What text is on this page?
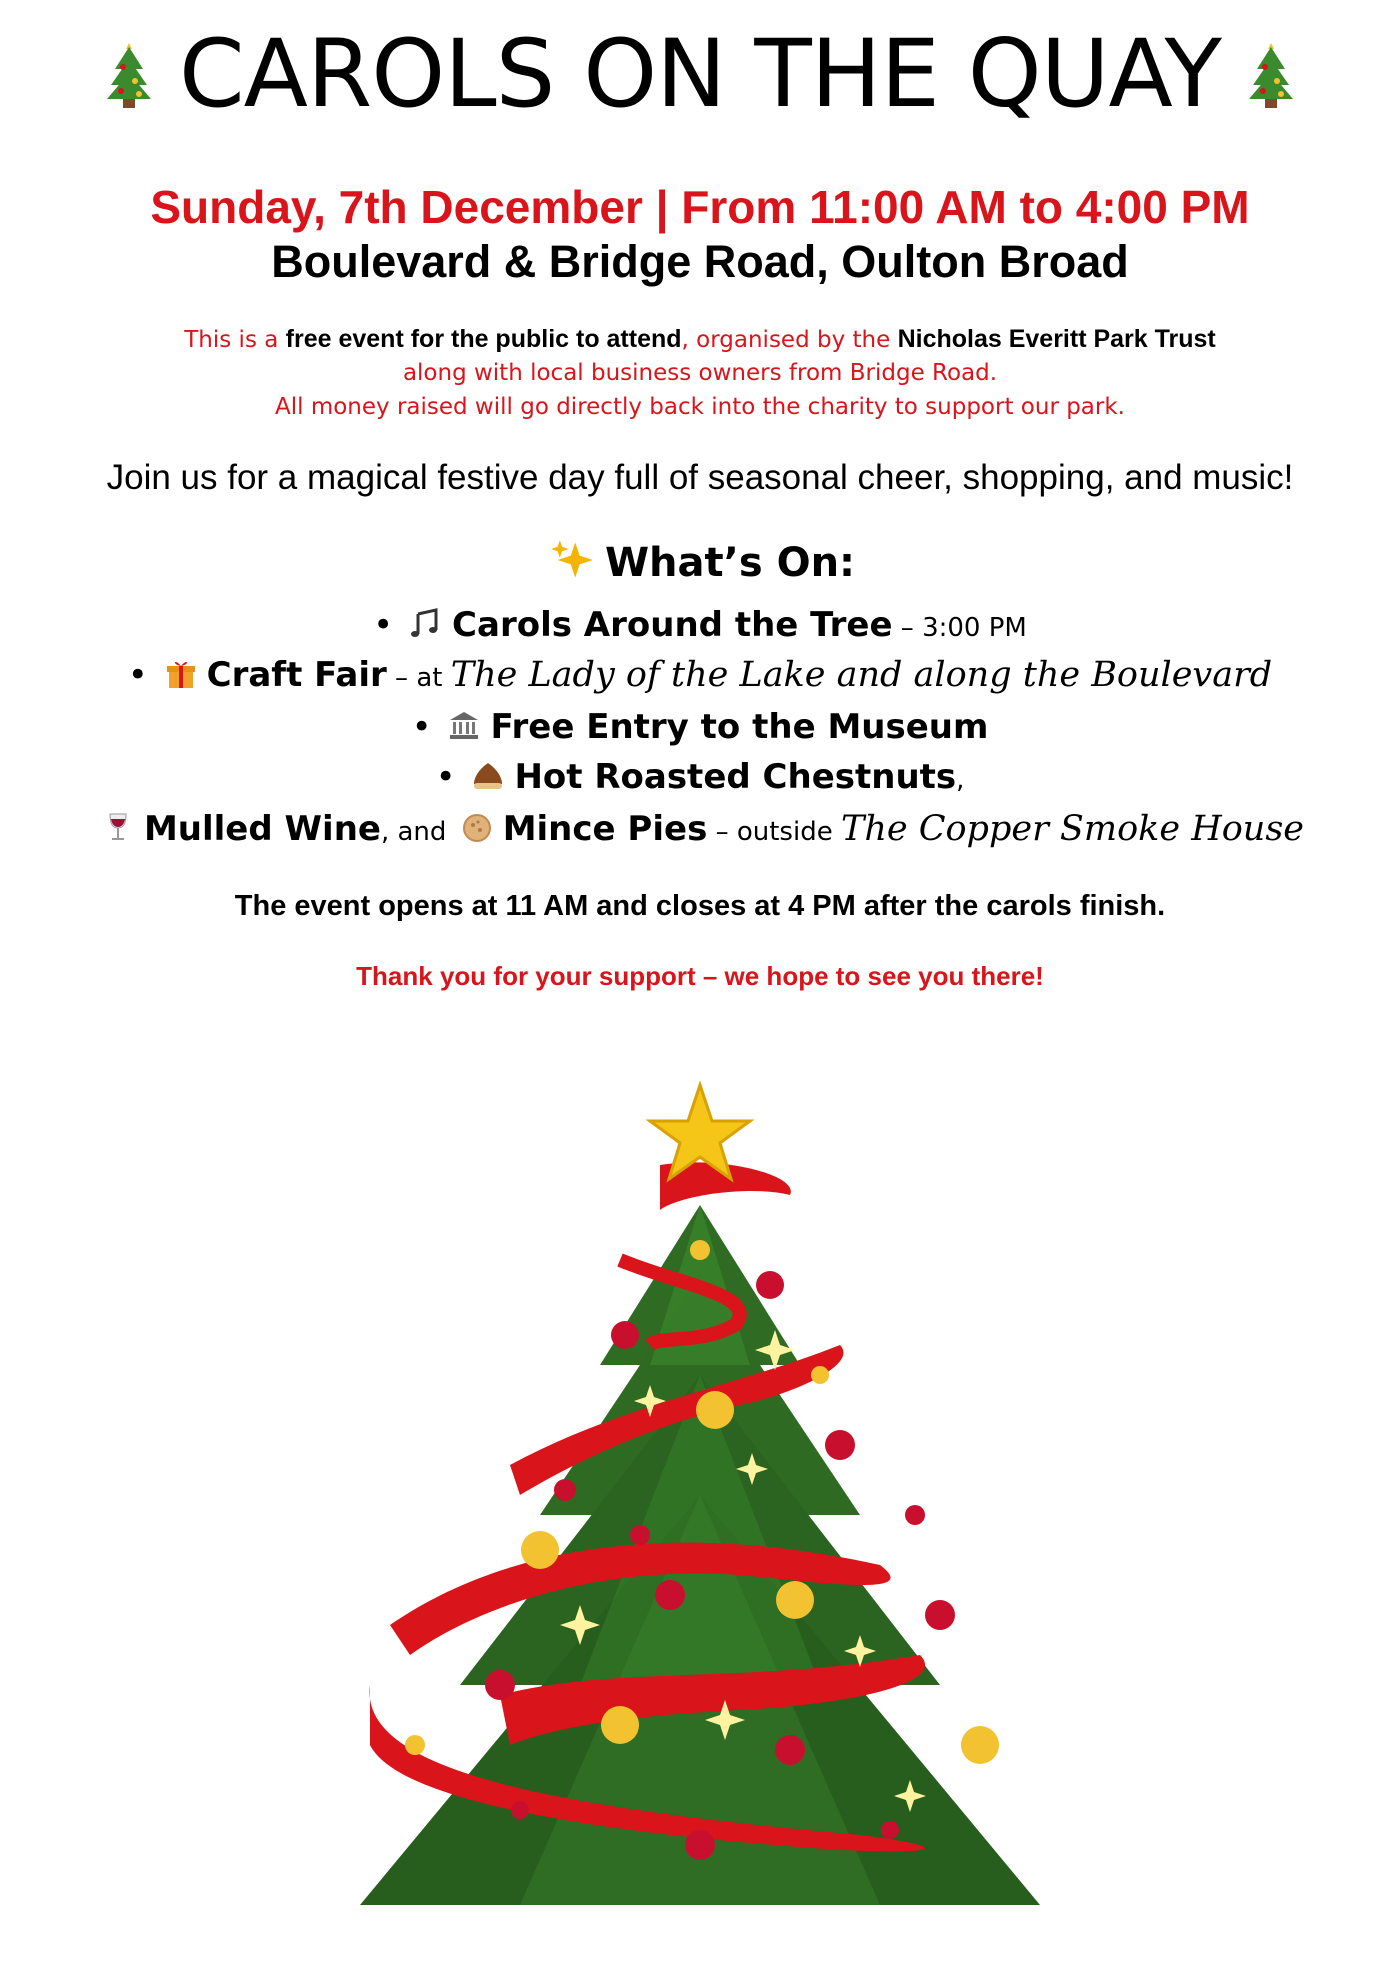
CAROLS ON THE QUAY
Sunday, 7th December | From 11:00 AM to 4:00 PM
Boulevard & Bridge Road, Oulton Broad
This is a free event for the public to attend, organised by the Nicholas Everitt Park Trust
along with local business owners from Bridge Road.
All money raised will go directly back into the charity to support our park.
Join us for a magical festive day full of seasonal cheer, shopping, and music!
What’s On:
• Carols Around the Tree – 3:00 PM
• Craft Fair – at The Lady of the Lake and along the Boulevard
• Free Entry to the Museum
• Hot Roasted Chestnuts,
Mulled Wine, and Mince Pies – outside The Copper Smoke House
The event opens at 11 AM and closes at 4 PM after the carols finish.
Thank you for your support – we hope to see you there!
